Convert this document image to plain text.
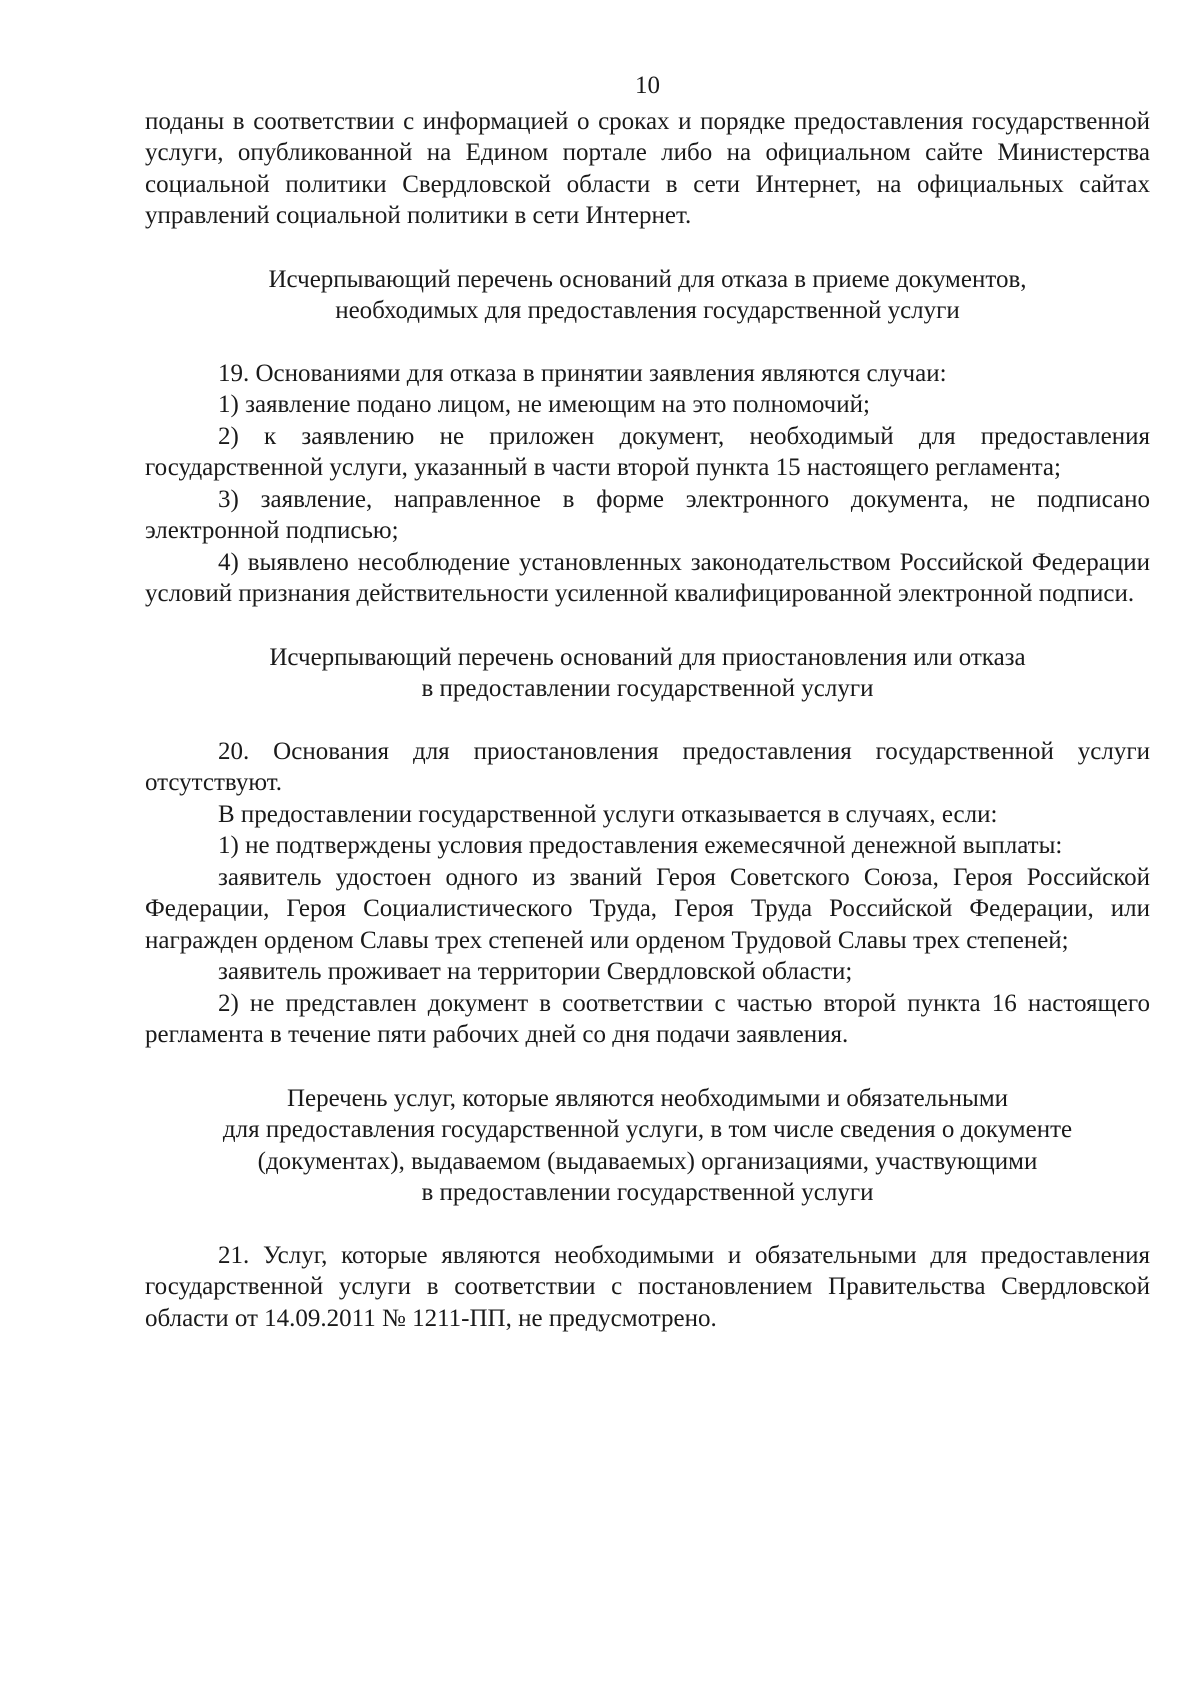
10

поданы в соответствии с информацией о сроках и порядке предоставления государственной услуги, опубликованной на Едином портале либо на официальном сайте Министерства социальной политики Свердловской области в сети Интернет, на официальных сайтах управлений социальной политики в сети Интернет.

Исчерпывающий перечень оснований для отказа в приеме документов,
необходимых для предоставления государственной услуги

19. Основаниями для отказа в принятии заявления являются случаи:

1) заявление подано лицом, не имеющим на это полномочий;

2) к заявлению не приложен документ, необходимый для предоставления государственной услуги, указанный в части второй пункта 15 настоящего регламента;

3) заявление, направленное в форме электронного документа, не подписано электронной подписью;

4) выявлено несоблюдение установленных законодательством Российской Федерации условий признания действительности усиленной квалифицированной электронной подписи.

Исчерпывающий перечень оснований для приостановления или отказа
в предоставлении государственной услуги

20. Основания для приостановления предоставления государственной услуги отсутствуют.

В предоставлении государственной услуги отказывается в случаях, если:

1) не подтверждены условия предоставления ежемесячной денежной выплаты:

заявитель удостоен одного из званий Героя Советского Союза, Героя Российской Федерации, Героя Социалистического Труда, Героя Труда Российской Федерации, или награжден орденом Славы трех степеней или орденом Трудовой Славы трех степеней;

заявитель проживает на территории Свердловской области;

2) не представлен документ в соответствии с частью второй пункта 16 настоящего регламента в течение пяти рабочих дней со дня подачи заявления.

Перечень услуг, которые являются необходимыми и обязательными
для предоставления государственной услуги, в том числе сведения о документе
(документах), выдаваемом (выдаваемых) организациями, участвующими
в предоставлении государственной услуги

21. Услуг, которые являются необходимыми и обязательными для предоставления государственной услуги в соответствии с постановлением Правительства Свердловской области от 14.09.2011 № 1211-ПП, не предусмотрено.
